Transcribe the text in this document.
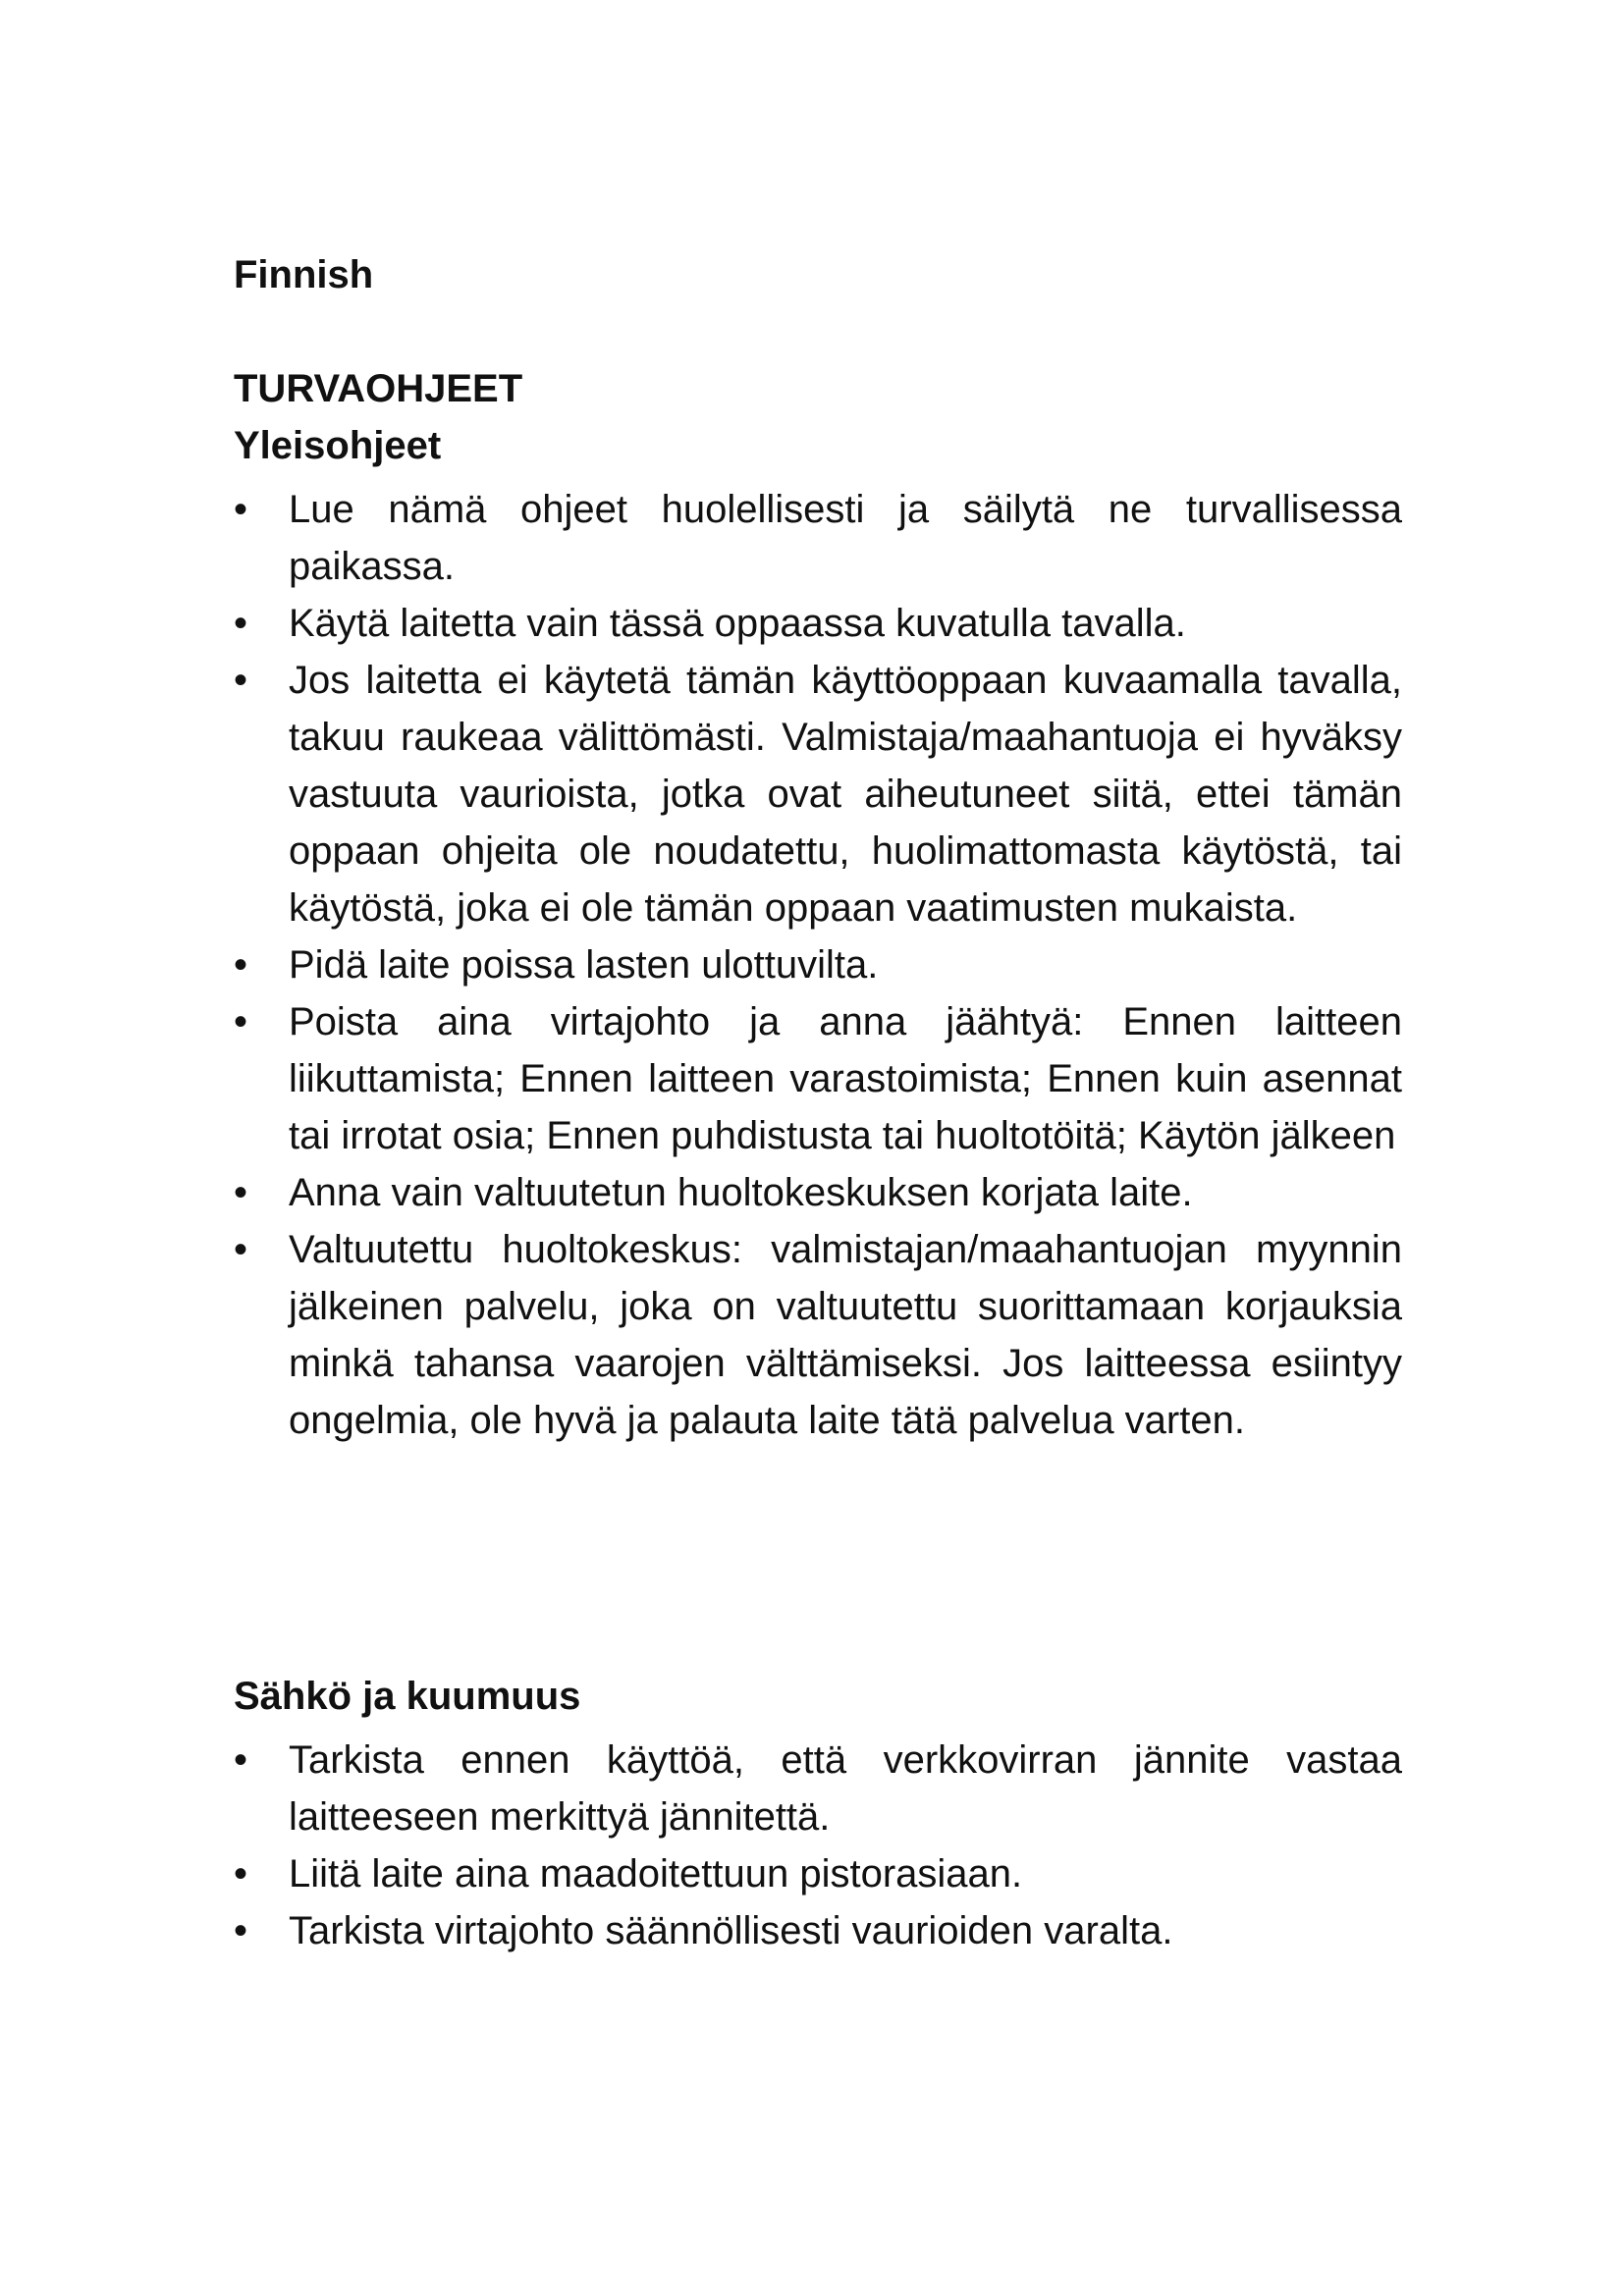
Finnish
TURVAOHJEET
Yleisohjeet
•	Lue nämä ohjeet huolellisesti ja säilytä ne turvallisessa paikassa.
•	Käytä laitetta vain tässä oppaassa kuvatulla tavalla.
•	Jos laitetta ei käytetä tämän käyttöoppaan kuvaamalla tavalla, takuu raukeaa välittömästi. Valmistaja/maahantuoja ei hyväksy vastuuta vaurioista, jotka ovat aiheutuneet siitä, ettei tämän oppaan ohjeita ole noudatettu, huolimattomasta käytöstä, tai käytöstä, joka ei ole tämän oppaan vaatimusten mukaista.
•	Pidä laite poissa lasten ulottuvilta.
•	Poista aina virtajohto ja anna jäähtyä: Ennen laitteen liikuttamista; Ennen laitteen varastoimista; Ennen kuin asennat tai irrotat osia; Ennen puhdistusta tai huoltotöitä; Käytön jälkeen
•	Anna vain valtuutetun huoltokeskuksen korjata laite.
•	Valtuutettu huoltokeskus: valmistajan/maahantuojan myynnin jälkeinen palvelu, joka on valtuutettu suorittamaan korjauksia minkä tahansa vaarojen välttämiseksi. Jos laitteessa esiintyy ongelmia, ole hyvä ja palauta laite tätä palvelua varten.
Sähkö ja kuumuus
•	Tarkista ennen käyttöä, että verkkovirran jännite vastaa laitteeseen merkittyä jännitettä.
•	Liitä laite aina maadoitettuun pistorasiaan.
•	Tarkista virtajohto säännöllisesti vaurioiden varalta.
